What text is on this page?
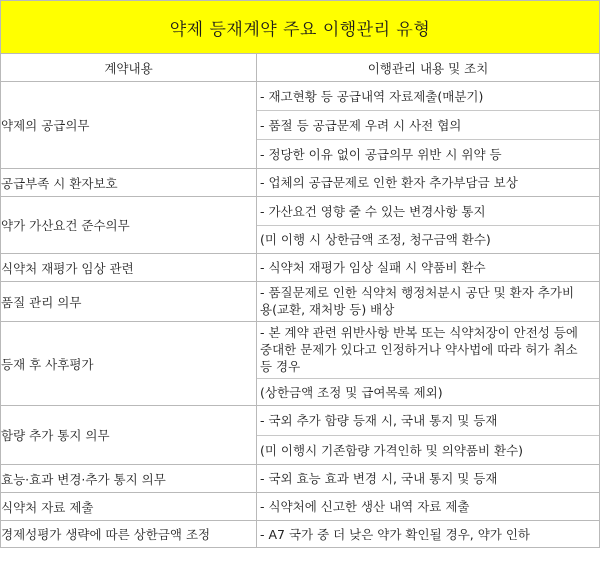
약제 등재계약 주요 이행관리 유형	
계약내용	이행관리 내용 및 조치
약제의 공급의무	- 재고현황 등 공급내역 자료제출(매분기)
- 품절 등 공급문제 우려 시 사전 협의
- 정당한 이유 없이 공급의무 위반 시 위약 등

공급부족 시 환자보호	- 업체의 공급문제로 인한 환자 추가부담금 보상

약가 가산요건 준수의무	- 가산요건 영향 줄 수 있는 변경사항 통지
(미 이행 시 상한금액 조정, 청구금액 환수)

식약처 재평가 임상 관련	- 식약처 재평가 임상 실패 시 약품비 환수

품질 관리 의무	- 품질문제로 인한 식약처 행정처분시 공단 및 환자 추가비
용(교환, 재처방 등) 배상

등재 후 사후평가	- 본 계약 관련 위반사항 반복 또는 식약처장이 안전성 등에
중대한 문제가 있다고 인정하거나 약사법에 따라 허가 취소
등 경우
(상한금액 조정 및 급여목록 제외)

함량 추가 통지 의무	- 국외 추가 함량 등재 시, 국내 통지 및 등재
(미 이행시 기존함량 가격인하 및 의약품비 환수)

효능·효과 변경·추가 통지 의무	- 국외 효능 효과 변경 시, 국내 통지 및 등재

식약처 자료 제출	- 식약처에 신고한 생산 내역 자료 제출

경제성평가 생략에 따른 상한금액 조정	- A7 국가 중 더 낮은 약가 확인될 경우, 약가 인하
